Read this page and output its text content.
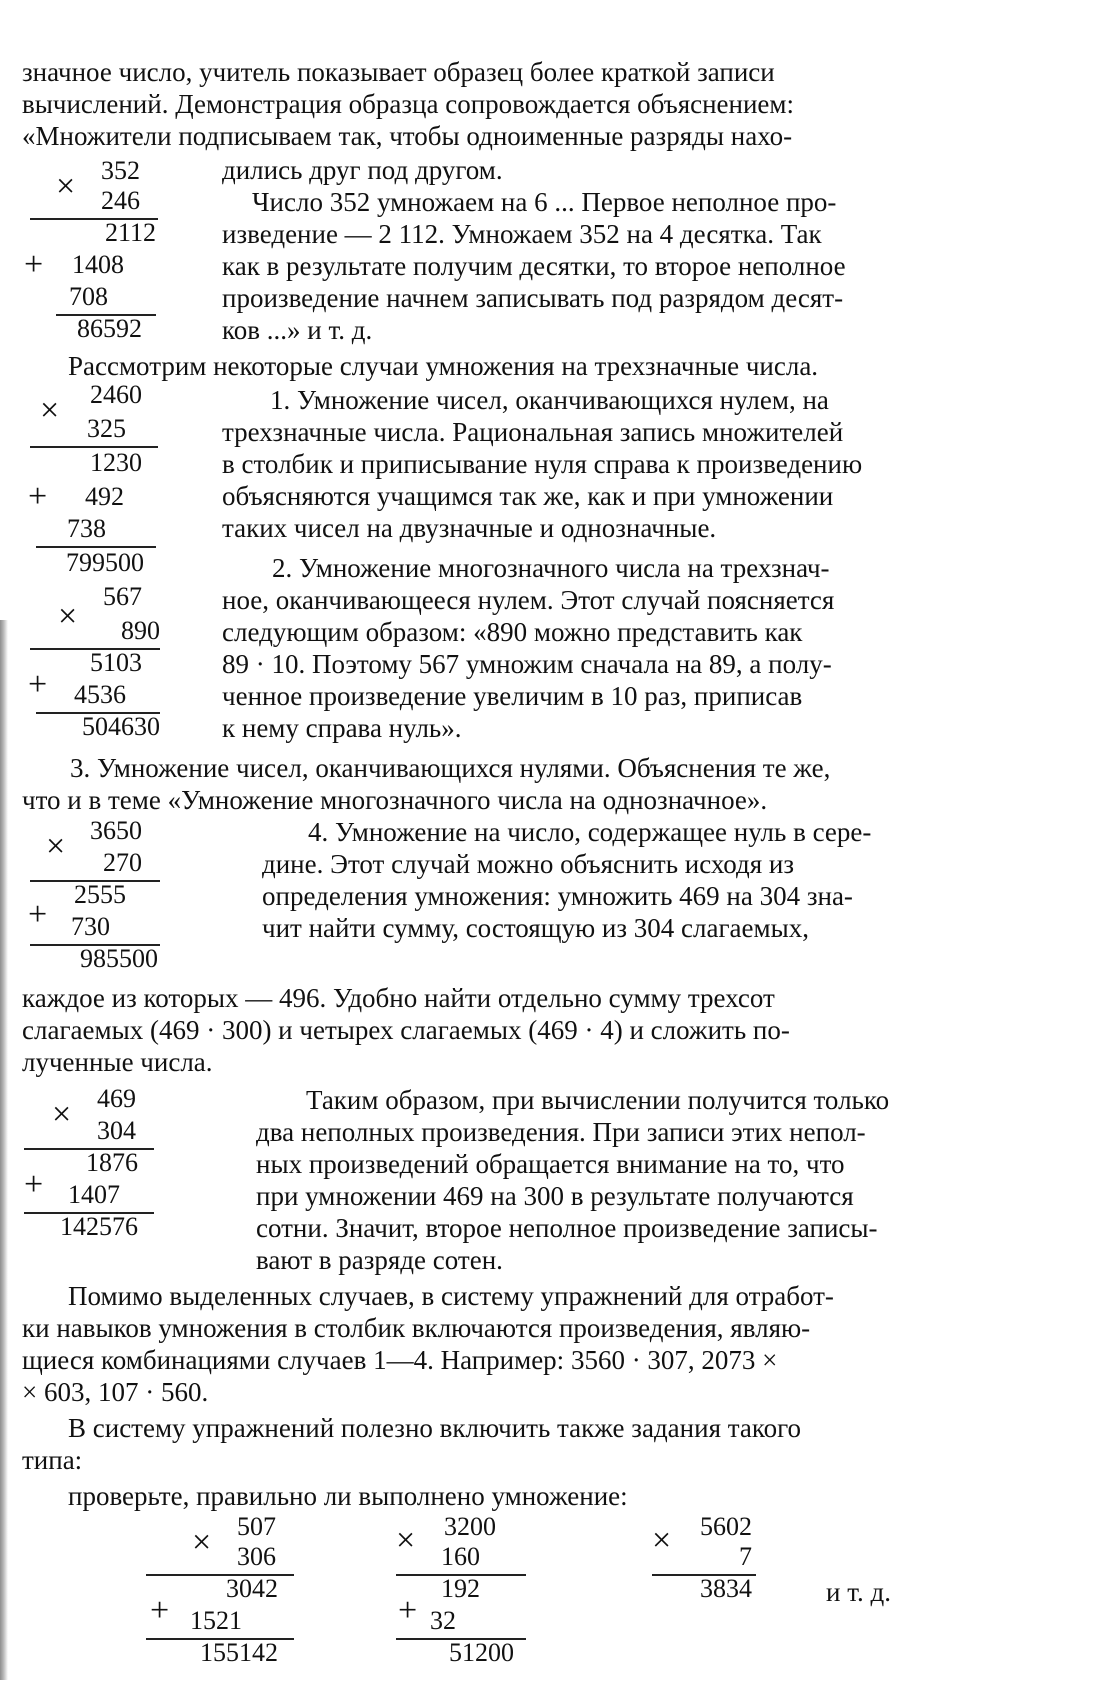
значное число, учитель показывает образец более краткой записи
вычислений. Демонстрация образца сопровождается объяснением:
«Множители подписываем так, чтобы одноименные разряды нахо-
× 352
246
2112
+	1408
708
86592
дились друг под другом.
Число 352 умножаем на 6 ... Первое неполное про-
изведение — 2 112. Умножаем 352 на 4 десятка. Так
как в результате получим десятки, то второе неполное
произведение начнем записывать под разрядом десят-
ков ...» и т. д.
Рассмотрим некоторые случаи умножения на трехзначные числа.
2460
×	325
1230
+	492
738
799500
1. Умножение чисел, оканчивающихся нулем, на
трехзначные числа. Рациональная запись множителей
в столбик и приписывание нуля справа к произведению
объясняются учащимся так же, как и при умножении
таких чисел на двузначные и однозначные.
567
×	890
5103
+	4536
504630
2. Умножение многозначного числа на трехзнач-
ное, оканчивающееся нулем. Этот случай поясняется
следующим образом: «890 можно представить как
89 · 10. Поэтому 567 умножим сначала на 89, а полу-
ченное произведение увеличим в 10 раз, приписав
к нему справа нуль».
3. Умножение чисел, оканчивающихся нулями. Объяснения те же,
что и в теме «Умножение многозначного числа на однозначное».
3650
×	270
2555
+ 730
985500
4. Умножение на число, содержащее нуль в сере-
дине. Этот случай можно объяснить исходя из
определения умножения: умножить 469 на 304 зна-
чит найти сумму, состоящую из 304 слагаемых,
каждое из которых — 496. Удобно найти отдельно сумму трехсот
слагаемых (469 · 300) и четырех слагаемых (469 · 4) и сложить по-
лученные числа.
469
× 304
1876
+ 1407
142576
Таким образом, при вычислении получится только
два неполных произведения. При записи этих непол-
ных произведений обращается внимание на то, что
при умножении 469 на 300 в результате получаются
сотни. Значит, второе неполное произведение записы-
вают в разряде сотен.
Помимо выделенных случаев, в систему упражнений для отработ-
ки навыков умножения в столбик включаются произведения, являю-
щиеся комбинациями случаев 1—4. Например: 3560 · 307, 2073 ×
× 603, 107 · 560.
В систему упражнений полезно включить также задания такого
типа:
проверьте, правильно ли выполнено умножение:
507
× 306
3042
+ 1521
155142
3200
× 160
192
+ 32
51200
5602
×	7
3834	и т. д.
